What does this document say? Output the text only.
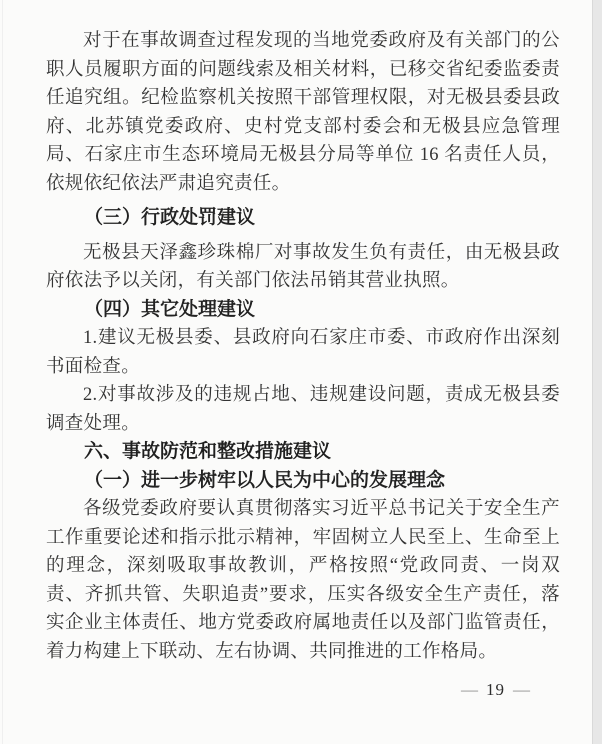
对于在事故调查过程发现的当地党委政府及有关部门的公职人员履职方面的问题线索及相关材料，已移交省纪委监委责任追究组。纪检监察机关按照干部管理权限，对无极县委县政府、北苏镇党委政府、史村党支部村委会和无极县应急管理局、石家庄市生态环境局无极县分局等单位 16 名责任人员，依规依纪依法严肃追究责任。

（三）行政处罚建议

无极县天泽鑫珍珠棉厂对事故发生负有责任，由无极县政府依法予以关闭，有关部门依法吊销其营业执照。

（四）其它处理建议

1.建议无极县委、县政府向石家庄市委、市政府作出深刻书面检查。

2.对事故涉及的违规占地、违规建设问题，责成无极县委调查处理。

六、事故防范和整改措施建议

（一）进一步树牢以人民为中心的发展理念

各级党委政府要认真贯彻落实习近平总书记关于安全生产工作重要论述和指示批示精神，牢固树立人民至上、生命至上的理念，深刻吸取事故教训，严格按照“党政同责、一岗双责、齐抓共管、失职追责”要求，压实各级安全生产责任，落实企业主体责任、地方党委政府属地责任以及部门监管责任，着力构建上下联动、左右协调、共同推进的工作格局。

— 19 —
